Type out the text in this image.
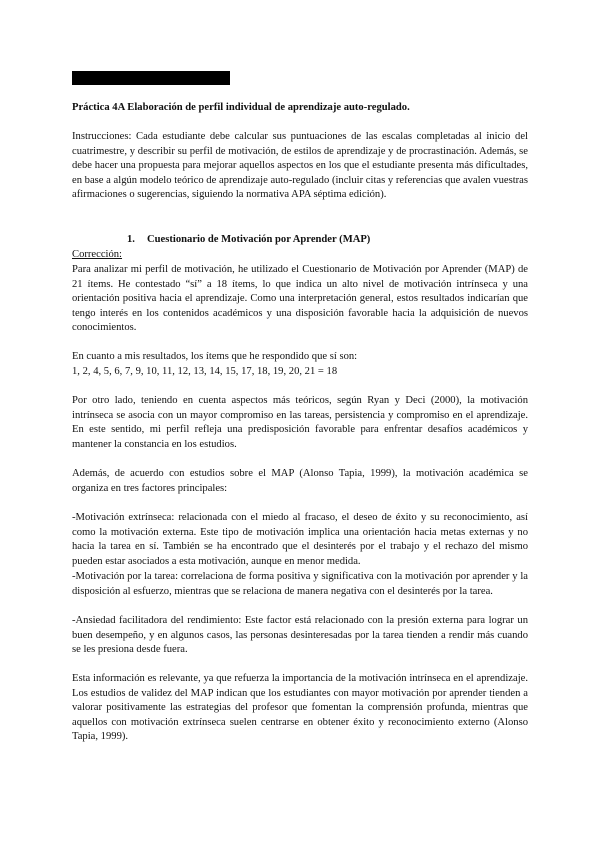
Práctica 4A Elaboración de perfil individual de aprendizaje auto-regulado.

Instrucciones: Cada estudiante debe calcular sus puntuaciones de las escalas completadas al inicio del cuatrimestre, y describir su perfil de motivación, de estilos de aprendizaje y de procrastinación. Además, se debe hacer una propuesta para mejorar aquellos aspectos en los que el estudiante presenta más dificultades, en base a algún modelo teórico de aprendizaje auto-regulado (incluir citas y referencias que avalen vuestras afirmaciones o sugerencias, siguiendo la normativa APA séptima edición).

1. Cuestionario de Motivación por Aprender (MAP)

Corrección:

Para analizar mi perfil de motivación, he utilizado el Cuestionario de Motivación por Aprender (MAP) de 21 ítems. He contestado “sí” a 18 ítems, lo que indica un alto nivel de motivación intrínseca y una orientación positiva hacia el aprendizaje. Como una interpretación general, estos resultados indicarían que tengo interés en los contenidos académicos y una disposición favorable hacia la adquisición de nuevos conocimientos.

En cuanto a mis resultados, los ítems que he respondido que sí son:

1, 2, 4, 5, 6, 7, 9, 10, 11, 12, 13, 14, 15, 17, 18, 19, 20, 21 = 18

Por otro lado, teniendo en cuenta aspectos más teóricos, según Ryan y Deci (2000), la motivación intrínseca se asocia con un mayor compromiso en las tareas, persistencia y compromiso en el aprendizaje. En este sentido, mi perfil refleja una predisposición favorable para enfrentar desafíos académicos y mantener la constancia en los estudios.

Además, de acuerdo con estudios sobre el MAP (Alonso Tapia, 1999), la motivación académica se organiza en tres factores principales:

-Motivación extrínseca: relacionada con el miedo al fracaso, el deseo de éxito y su reconocimiento, así como la motivación externa. Este tipo de motivación implica una orientación hacia metas externas y no hacia la tarea en sí. También se ha encontrado que el desinterés por el trabajo y el rechazo del mismo pueden estar asociados a esta motivación, aunque en menor medida.

-Motivación por la tarea: correlaciona de forma positiva y significativa con la motivación por aprender y la disposición al esfuerzo, mientras que se relaciona de manera negativa con el desinterés por la tarea.

-Ansiedad facilitadora del rendimiento: Este factor está relacionado con la presión externa para lograr un buen desempeño, y en algunos casos, las personas desinteresadas por la tarea tienden a rendir más cuando se les presiona desde fuera.

Esta información es relevante, ya que refuerza la importancia de la motivación intrínseca en el aprendizaje. Los estudios de validez del MAP indican que los estudiantes con mayor motivación por aprender tienden a valorar positivamente las estrategias del profesor que fomentan la comprensión profunda, mientras que aquellos con motivación extrínseca suelen centrarse en obtener éxito y reconocimiento externo (Alonso Tapia, 1999).
